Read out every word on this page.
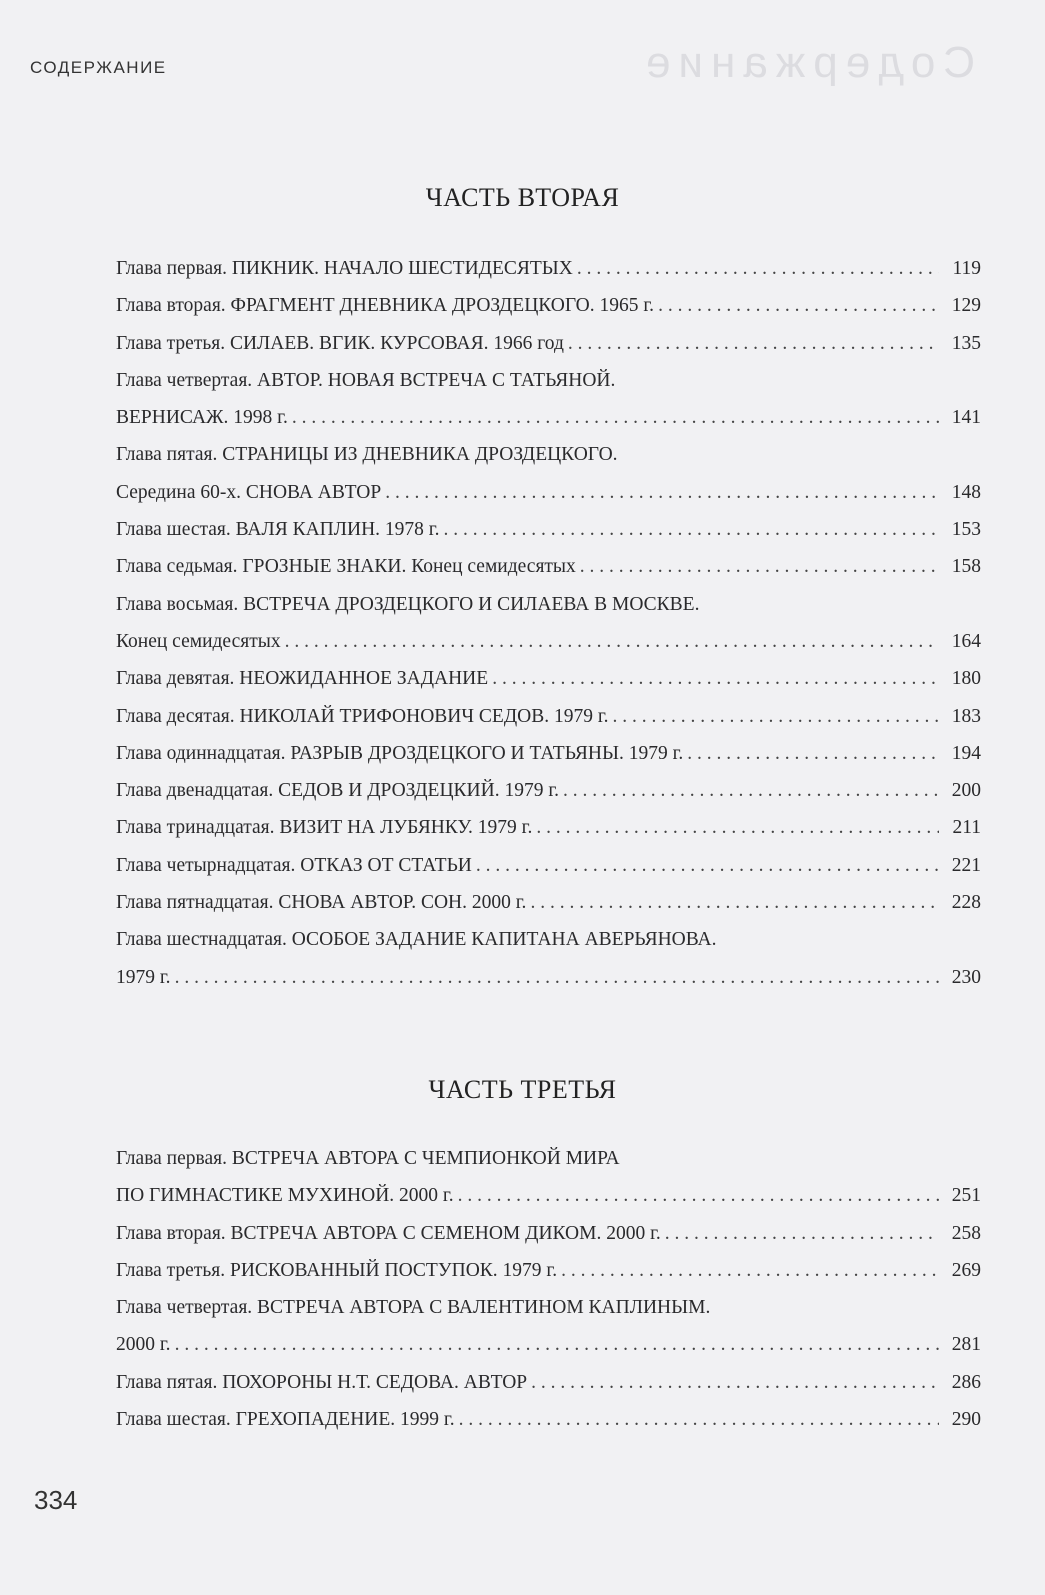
СОДЕРЖАНИЕ	Содержание
ЧАСТЬ ВТОРАЯ
Глава первая. ПИКНИК. НАЧАЛО ШЕСТИДЕСЯТЫХ . . .	119
Глава вторая. ФРАГМЕНТ ДНЕВНИКА ДРОЗДЕЦКОГО. 1965 г. . . .	129
Глава третья. СИЛАЕВ. ВГИК. КУРСОВАЯ. 1966 год . . .	135
Глава четвертая. АВТОР. НОВАЯ ВСТРЕЧА С ТАТЬЯНОЙ.
ВЕРНИСАЖ. 1998 г. . . .	141
Глава пятая. СТРАНИЦЫ ИЗ ДНЕВНИКА ДРОЗДЕЦКОГО.
Середина 60-х. СНОВА АВТОР . . .	148
Глава шестая. ВАЛЯ КАПЛИН. 1978 г. . . .	153
Глава седьмая. ГРОЗНЫЕ ЗНАКИ. Конец семидесятых . . .	158
Глава восьмая. ВСТРЕЧА ДРОЗДЕЦКОГО И СИЛАЕВА В МОСКВЕ.
Конец семидесятых . . .	164
Глава девятая. НЕОЖИДАННОЕ ЗАДАНИЕ . . .	180
Глава десятая. НИКОЛАЙ ТРИФОНОВИЧ СЕДОВ. 1979 г. . . .	183
Глава одиннадцатая. РАЗРЫВ ДРОЗДЕЦКОГО И ТАТЬЯНЫ. 1979 г. . . .	194
Глава двенадцатая. СЕДОВ И ДРОЗДЕЦКИЙ. 1979 г. . . .	200
Глава тринадцатая. ВИЗИТ НА ЛУБЯНКУ. 1979 г. . . .	211
Глава четырнадцатая. ОТКАЗ ОТ СТАТЬИ . . .	221
Глава пятнадцатая. СНОВА АВТОР. СОН. 2000 г. . . .	228
Глава шестнадцатая. ОСОБОЕ ЗАДАНИЕ КАПИТАНА АВЕРЬЯНОВА.
1979 г. . . .	230
ЧАСТЬ ТРЕТЬЯ
Глава первая. ВСТРЕЧА АВТОРА С ЧЕМПИОНКОЙ МИРА
ПО ГИМНАСТИКЕ МУХИНОЙ. 2000 г. . . .	251
Глава вторая. ВСТРЕЧА АВТОРА С СЕМЕНОМ ДИКОМ. 2000 г. . . .	258
Глава третья. РИСКОВАННЫЙ ПОСТУПОК. 1979 г. . . .	269
Глава четвертая. ВСТРЕЧА АВТОРА С ВАЛЕНТИНОМ КАПЛИНЫМ.
2000 г. . . .	281
Глава пятая. ПОХОРОНЫ Н.Т. СЕДОВА. АВТОР . . .	286
Глава шестая. ГРЕХОПАДЕНИЕ. 1999 г. . . .	290
334
